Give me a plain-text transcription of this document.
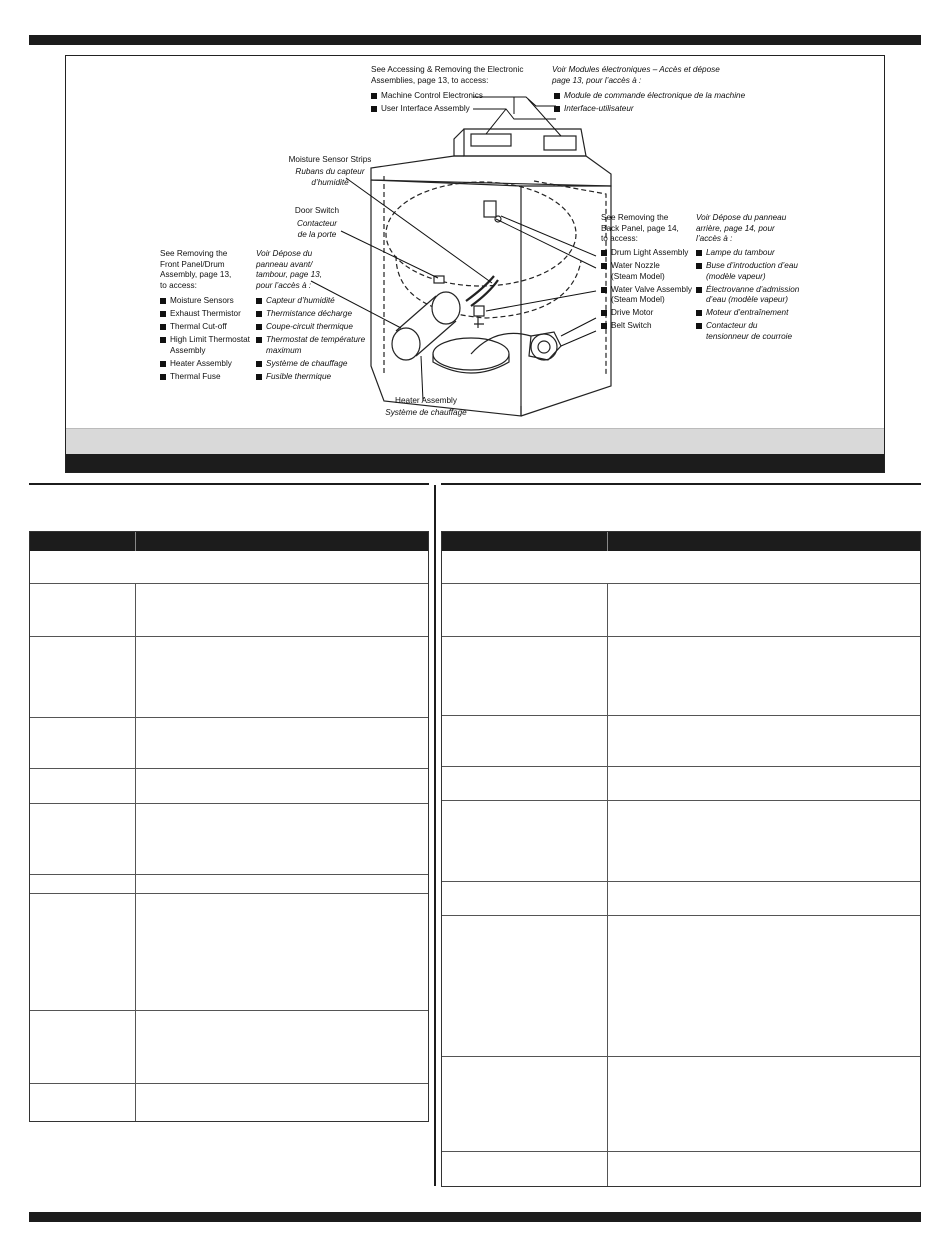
See Accessing & Removing the Electronic
Assemblies, page 13, to access:
Voir Modules électroniques – Accès et dépose
page 13, pour l’accès à :
Machine Control Electronics
User Interface Assembly
Module de commande électronique de la machine
Interface-utilisateur
Moisture Sensor Strips
Rubans du capteur
d’humidité
Door Switch
Contacteur
de la porte
See Removing the
Front Panel/Drum
Assembly, page 13,
to access:
Voir Dépose du
panneau avant/
tambour, page 13,
pour l’accès à :
Moisture Sensors
Exhaust Thermistor
Thermal Cut-off
High Limit Thermostat
Assembly
Heater Assembly
Thermal Fuse
Capteur d’humidité
Thermistance décharge
Coupe-circuit thermique
Thermostat de température
maximum
Système de chauffage
Fusible thermique
See Removing the
Back Panel, page 14,
to access:
Voir Dépose du panneau
arrière, page 14, pour
l’accès à :
Drum Light Assembly
Water Nozzle
(Steam Model)
Water Valve Assembly
(Steam Model)
Drive Motor
Belt Switch
Lampe du tambour
Buse d’introduction d’eau
(modèle vapeur)
Électrovanne d’admission
d’eau (modèle vapeur)
Moteur d’entraînement
Contacteur du
tensionneur de courroie
Heater Assembly
Système de chauffage
